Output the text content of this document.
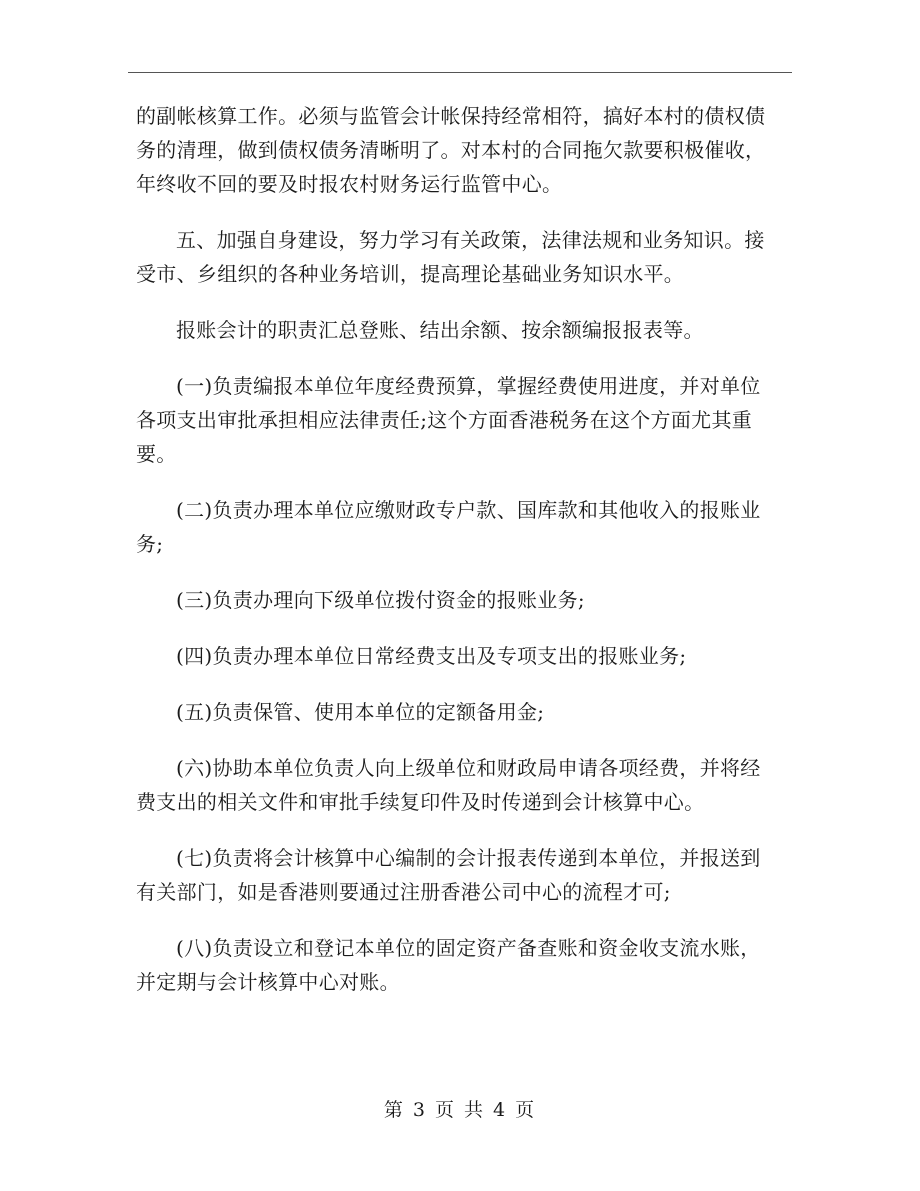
的副帐核算工作。必须与监管会计帐保持经常相符，搞好本村的债权债
务的清理，做到债权债务清晰明了。对本村的合同拖欠款要积极催收，
年终收不回的要及时报农村财务运行监管中心。

五、加强自身建设，努力学习有关政策，法律法规和业务知识。接
受市、乡组织的各种业务培训，提高理论基础业务知识水平。

报账会计的职责汇总登账、结出余额、按余额编报报表等。

(一)负责编报本单位年度经费预算，掌握经费使用进度，并对单位
各项支出审批承担相应法律责任;这个方面香港税务在这个方面尤其重
要。

(二)负责办理本单位应缴财政专户款、国库款和其他收入的报账业
务;

(三)负责办理向下级单位拨付资金的报账业务;

(四)负责办理本单位日常经费支出及专项支出的报账业务;

(五)负责保管、使用本单位的定额备用金;

(六)协助本单位负责人向上级单位和财政局申请各项经费，并将经
费支出的相关文件和审批手续复印件及时传递到会计核算中心。

(七)负责将会计核算中心编制的会计报表传递到本单位，并报送到
有关部门，如是香港则要通过注册香港公司中心的流程才可;

(八)负责设立和登记本单位的固定资产备查账和资金收支流水账，
并定期与会计核算中心对账。

第 3 页 共 4 页
